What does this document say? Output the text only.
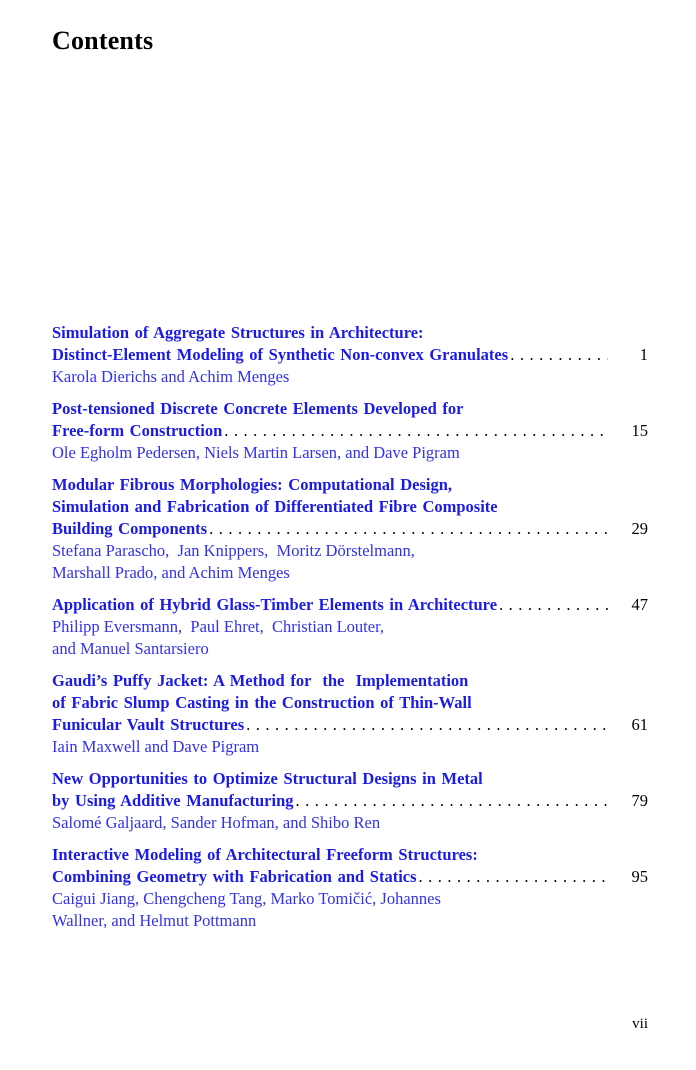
Contents
Simulation of Aggregate Structures in Architecture:
Distinct-Element Modeling of Synthetic Non-convex Granulates .....	1
Karola Dierichs and Achim Menges
Post-tensioned Discrete Concrete Elements Developed for
Free-form Construction .....	15
Ole Egholm Pedersen, Niels Martin Larsen, and Dave Pigram
Modular Fibrous Morphologies: Computational Design,
Simulation and Fabrication of Differentiated Fibre Composite
Building Components .....	29
Stefana Parascho,  Jan Knippers,  Moritz Dörstelmann,
Marshall Prado, and Achim Menges
Application of Hybrid Glass-Timber Elements in Architecture .....	47
Philipp Eversmann,  Paul Ehret,  Christian Louter,
and Manuel Santarsiero
Gaudi’s Puffy Jacket: A Method for  the  Implementation
of Fabric Slump Casting in the Construction of Thin-Wall
Funicular Vault Structures .....	61
Iain Maxwell and Dave Pigram
New Opportunities to Optimize Structural Designs in Metal
by Using Additive Manufacturing .....	79
Salomé Galjaard, Sander Hofman, and Shibo Ren
Interactive Modeling of Architectural Freeform Structures:
Combining Geometry with Fabrication and Statics .....	95
Caigui Jiang, Chengcheng Tang, Marko Tomičić, Johannes
Wallner, and Helmut Pottmann
vii
